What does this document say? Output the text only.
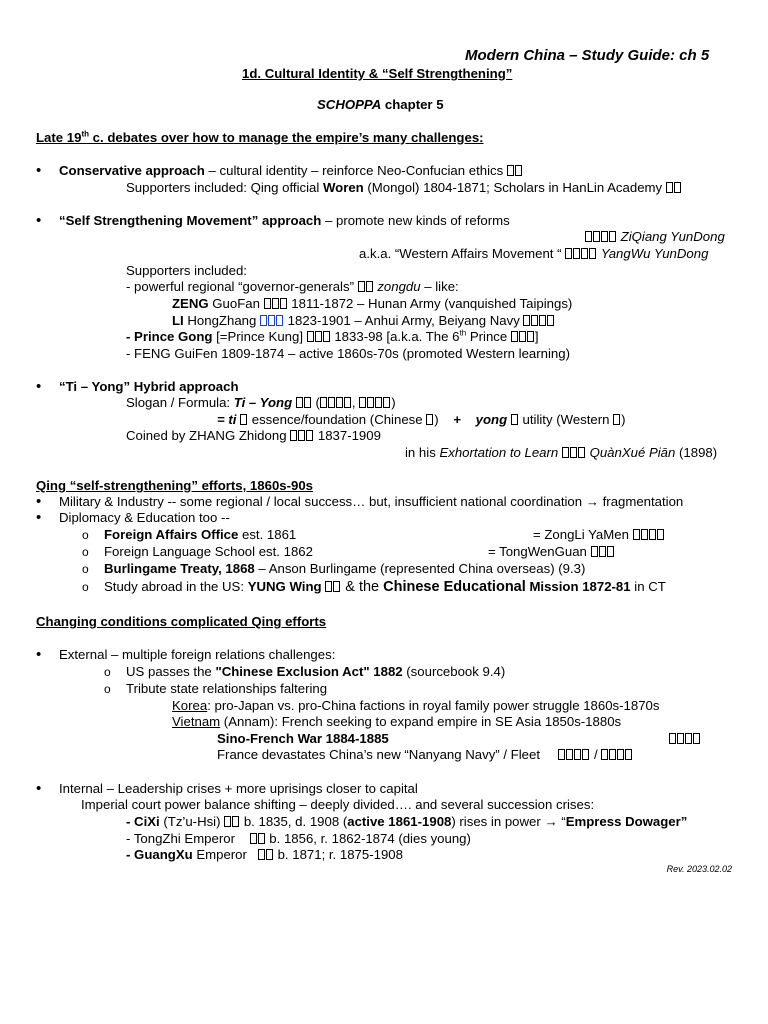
Modern China – Study Guide: ch 5
1d. Cultural Identity & “Self Strengthening”
SCHOPPA chapter 5
Late 19th c. debates over how to manage the empire’s many challenges:
• Conservative approach – cultural identity – reinforce Neo-Confucian ethics
Supporters included: Qing official Woren (Mongol) 1804-1871; Scholars in HanLin Academy
• “Self Strengthening Movement” approach – promote new kinds of reforms
ZiQiang YunDong
a.k.a. “Western Affairs Movement “	YangWu YunDong
Supporters included:
- powerful regional “governor-generals” zongdu – like:
ZENG GuoFan  1811-1872 – Hunan Army (vanquished Taipings)
LI HongZhang  1823-1901 – Anhui Army, Beiyang Navy
- Prince Gong [=Prince Kung]  1833-98 [a.k.a. The 6th Prince ]
- FENG GuiFen 1809-1874 – active 1860s-70s (promoted Western learning)
• “Ti – Yong” Hybrid approach
Slogan / Formula: Ti – Yong  ( , )
= ti  essence/foundation (Chinese ) + yong  utility (Western )
Coined by ZHANG Zhidong  1837-1909
in his Exhortation to Learn QuànXué Piān (1898)
Qing “self-strengthening” efforts, 1860s-90s
• Military & Industry -- some regional / local success… but, insufficient national coordination → fragmentation
• Diplomacy & Education too --
o Foreign Affairs Office est. 1861	= ZongLi YaMen
o Foreign Language School est. 1862	= TongWenGuan
o Burlingame Treaty, 1868 – Anson Burlingame (represented China overseas) (9.3)
o Study abroad in the US: YUNG Wing  & the Chinese Educational Mission 1872-81 in CT
Changing conditions complicated Qing efforts
• External – multiple foreign relations challenges:
o US passes the "Chinese Exclusion Act" 1882 (sourcebook 9.4)
o Tribute state relationships faltering
Korea: pro-Japan vs. pro-China factions in royal family power struggle 1860s-1870s
Vietnam (Annam): French seeking to expand empire in SE Asia 1850s-1880s
Sino-French War 1884-1885
France devastates China’s new “Nanyang Navy” / Fleet	/
• Internal – Leadership crises + more uprisings closer to capital
Imperial court power balance shifting – deeply divided…. and several succession crises:
- CiXi (Tz’u-Hsi)  b. 1835, d. 1908 (active 1861-1908) rises in power → “Empress Dowager”
- TongZhi Emperor     b. 1856, r. 1862-1874 (dies young)
- GuangXu Emperor    b. 1871; r. 1875-1908
Rev. 2023.02.02
